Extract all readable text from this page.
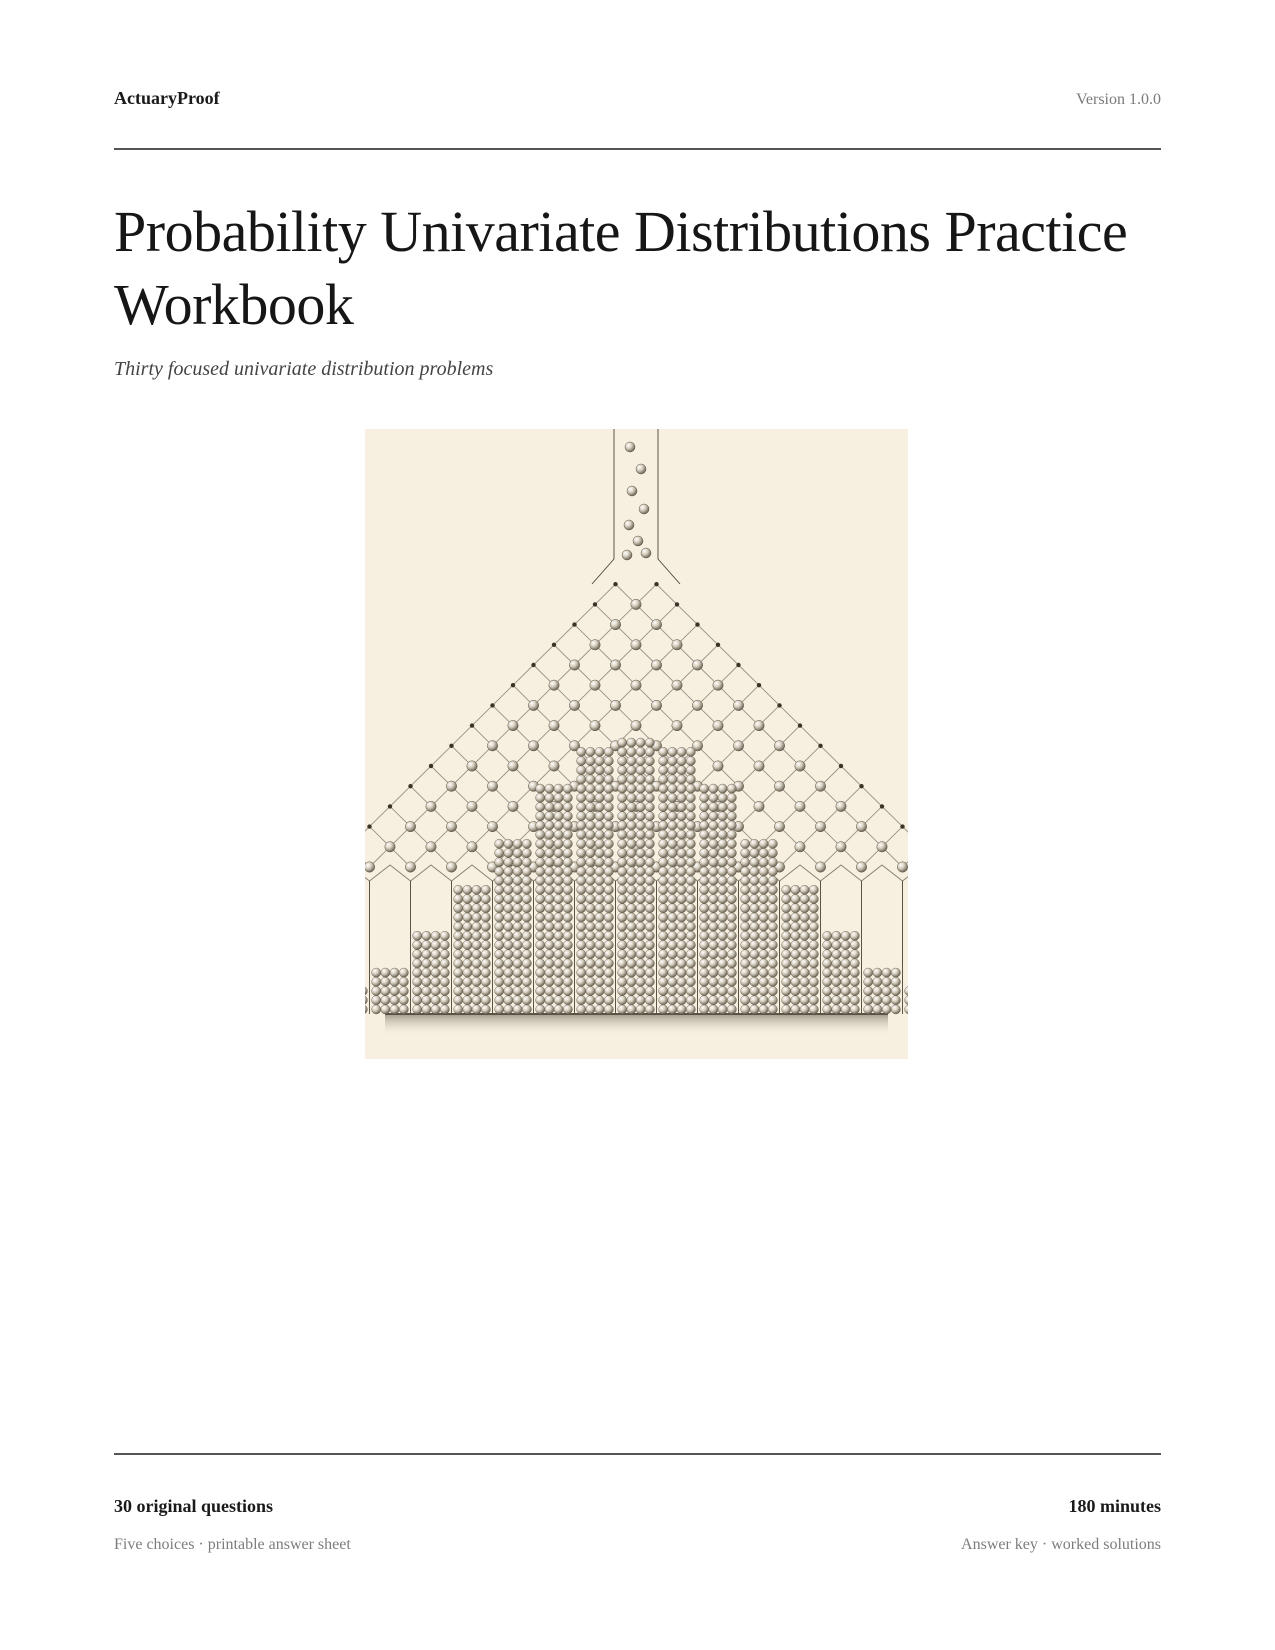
ActuaryProof	Version 1.0.0
Probability Univariate Distributions Practice Workbook

Thirty focused univariate distribution problems

30 original questions	180 minutes
Five choices · printable answer sheet	Answer key · worked solutions
